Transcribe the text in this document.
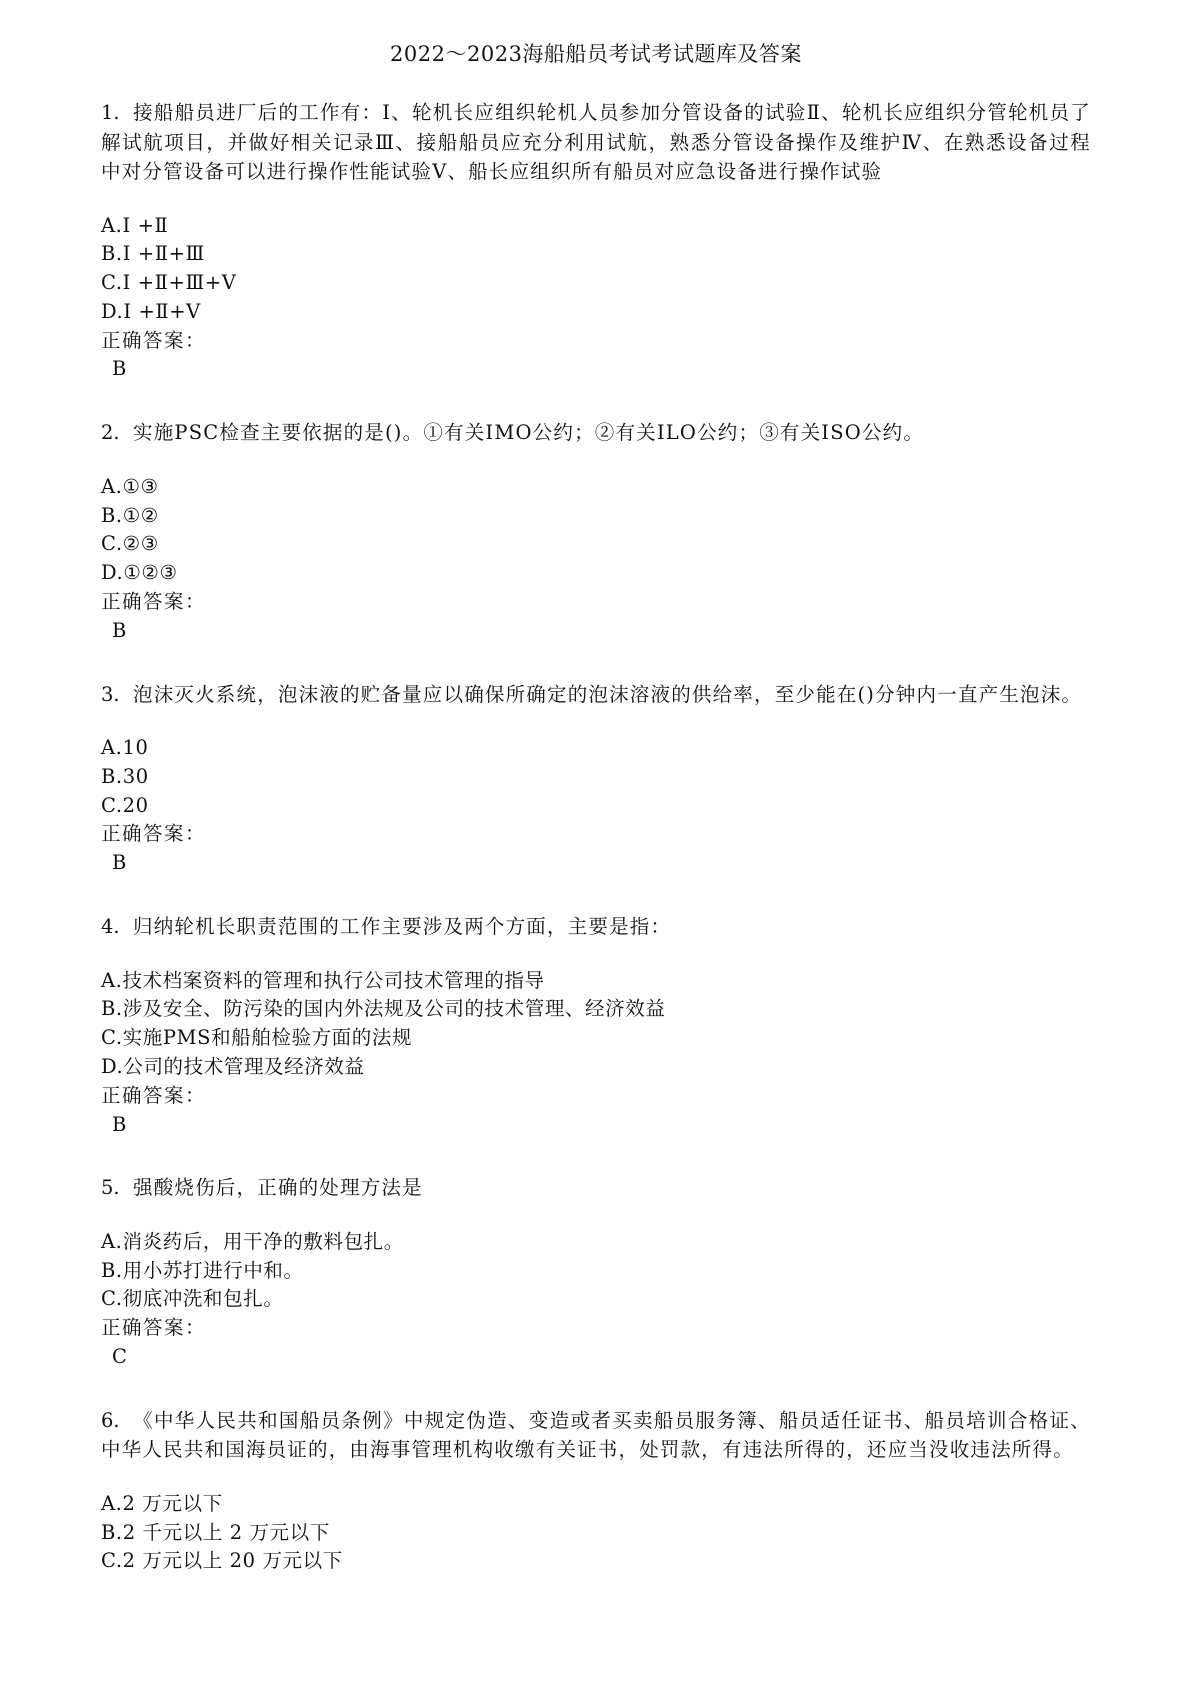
2022～2023海船船员考试考试题库及答案

1. 接船船员进厂后的工作有：Ⅰ、轮机长应组织轮机人员参加分管设备的试验Ⅱ、轮机长应组织分管轮机员了解试航项目，并做好相关记录Ⅲ、接船船员应充分利用试航，熟悉分管设备操作及维护Ⅳ、在熟悉设备过程中对分管设备可以进行操作性能试验Ⅴ、船长应组织所有船员对应急设备进行操作试验

A.Ⅰ +Ⅱ
B.Ⅰ +Ⅱ+Ⅲ
C.Ⅰ +Ⅱ+Ⅲ+Ⅴ
D.Ⅰ +Ⅱ+Ⅴ
正确答案：
B

2. 实施PSC检查主要依据的是()。①有关IMO公约；②有关ILO公约；③有关ISO公约。

A.①③
B.①②
C.②③
D.①②③
正确答案：
B

3. 泡沫灭火系统，泡沫液的贮备量应以确保所确定的泡沫溶液的供给率，至少能在()分钟内一直产生泡沫。

A.10
B.30
C.20
正确答案：
B

4. 归纳轮机长职责范围的工作主要涉及两个方面，主要是指：

A.技术档案资料的管理和执行公司技术管理的指导
B.涉及安全、防污染的国内外法规及公司的技术管理、经济效益
C.实施PMS和船舶检验方面的法规
D.公司的技术管理及经济效益
正确答案：
B

5. 强酸烧伤后，正确的处理方法是

A.消炎药后，用干净的敷料包扎。
B.用小苏打进行中和。
C.彻底冲洗和包扎。
正确答案：
C

6. 《中华人民共和国船员条例》中规定伪造、变造或者买卖船员服务簿、船员适任证书、船员培训合格证、中华人民共和国海员证的，由海事管理机构收缴有关证书，处罚款，有违法所得的，还应当没收违法所得。

A.2 万元以下
B.2 千元以上 2 万元以下
C.2 万元以上 20 万元以下
